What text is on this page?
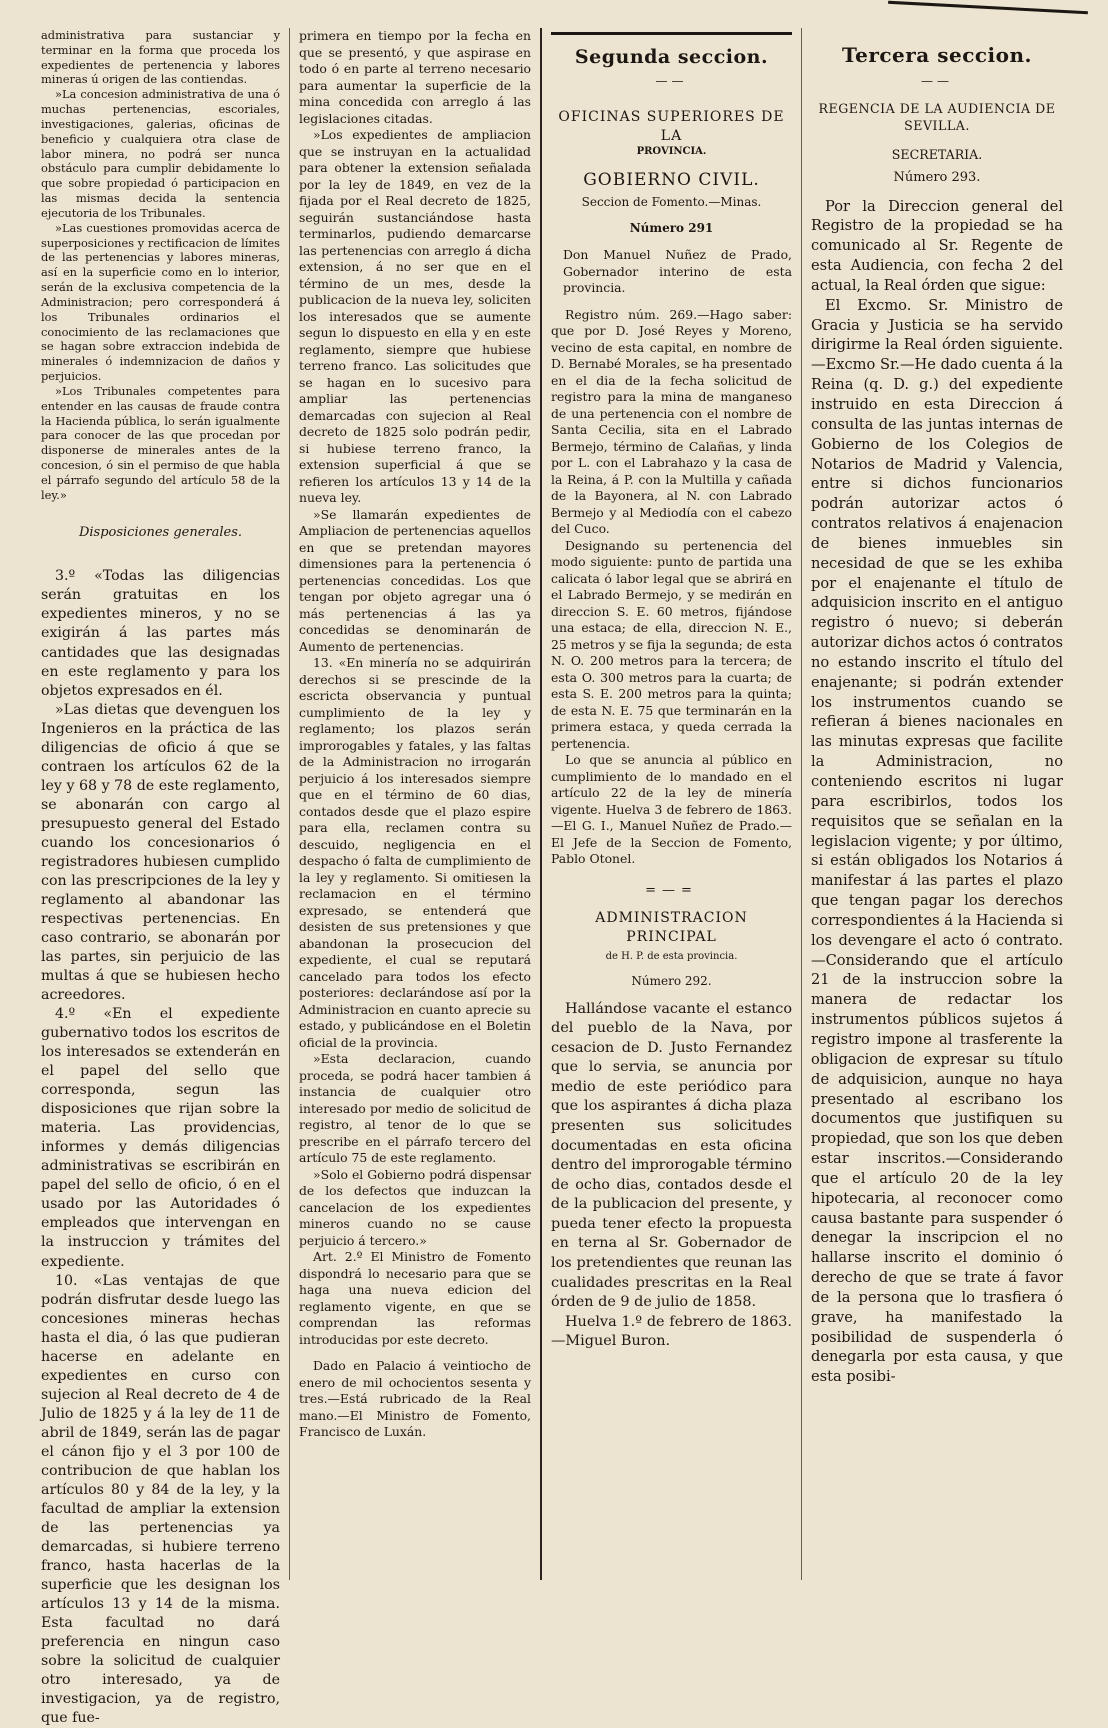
administrativa para sustanciar y terminar en la forma que proceda los expedientes de pertenencia y labores mineras ú origen de las contiendas.

»La concesion administrativa de una ó muchas pertenencias, escoriales, investigaciones, galerias, oficinas de beneficio y cualquiera otra clase de labor minera, no podrá ser nunca obstáculo para cumplir debidamente lo que sobre propiedad ó participacion en las mismas decida la sentencia ejecutoria de los Tribunales.

»Las cuestiones promovidas acerca de superposiciones y rectificacion de límites de las pertenencias y labores mineras, así en la superficie como en lo interior, serán de la exclusiva competencia de la Administracion; pero corresponderá á los Tribunales ordinarios el conocimiento de las reclamaciones que se hagan sobre extraccion indebida de minerales ó indemnizacion de daños y perjuicios.

»Los Tribunales competentes para entender en las causas de fraude contra la Hacienda pública, lo serán igualmente para conocer de las que procedan por disponerse de minerales antes de la concesion, ó sin el permiso de que habla el párrafo segundo del artículo 58 de la ley.»

Disposiciones generales.

3.º «Todas las diligencias serán gratuitas en los expedientes mineros, y no se exigirán á las partes más cantidades que las designadas en este reglamento y para los objetos expresados en él.

»Las dietas que devenguen los Ingenieros en la práctica de las diligencias de oficio á que se contraen los artículos 62 de la ley y 68 y 78 de este reglamento, se abonarán con cargo al presupuesto general del Estado cuando los concesionarios ó registradores hubiesen cumplido con las prescripciones de la ley y reglamento al abandonar las respectivas pertenencias. En caso contrario, se abonarán por las partes, sin perjuicio de las multas á que se hubiesen hecho acreedores.

4.º «En el expediente gubernativo todos los escritos de los interesados se extenderán en el papel del sello que corresponda, segun las disposiciones que rijan sobre la materia. Las providencias, informes y demás diligencias administrativas se escribirán en papel del sello de oficio, ó en el usado por las Autoridades ó empleados que intervengan en la instruccion y trámites del expediente.

10. «Las ventajas de que podrán disfrutar desde luego las concesiones mineras hechas hasta el dia, ó las que pudieran hacerse en adelante en expedientes en curso con sujecion al Real decreto de 4 de Julio de 1825 y á la ley de 11 de abril de 1849, serán las de pagar el cánon fijo y el 3 por 100 de contribucion de que hablan los artículos 80 y 84 de la ley, y la facultad de ampliar la extension de las pertenencias ya demarcadas, si hubiere terreno franco, hasta hacerlas de la superficie que les designan los artículos 13 y 14 de la misma. Esta facultad no dará preferencia en ningun caso sobre la solicitud de cualquier otro interesado, ya de investigacion, ya de registro, que fue-

primera en tiempo por la fecha en que se presentó, y que aspirase en todo ó en parte al terreno necesario para aumentar la superficie de la mina concedida con arreglo á las legislaciones citadas.

»Los expedientes de ampliacion que se instruyan en la actualidad para obtener la extension señalada por la ley de 1849, en vez de la fijada por el Real decreto de 1825, seguirán sustanciándose hasta terminarlos, pudiendo demarcarse las pertenencias con arreglo á dicha extension, á no ser que en el término de un mes, desde la publicacion de la nueva ley, soliciten los interesados que se aumente segun lo dispuesto en ella y en este reglamento, siempre que hubiese terreno franco. Las solicitudes que se hagan en lo sucesivo para ampliar las pertenencias demarcadas con sujecion al Real decreto de 1825 solo podrán pedir, si hubiese terreno franco, la extension superficial á que se refieren los artículos 13 y 14 de la nueva ley.

»Se llamarán expedientes de Ampliacion de pertenencias aquellos en que se pretendan mayores dimensiones para la pertenencia ó pertenencias concedidas. Los que tengan por objeto agregar una ó más pertenencias á las ya concedidas se denominarán de Aumento de pertenencias.

13. «En minería no se adquirirán derechos si se prescinde de la escricta observancia y puntual cumplimiento de la ley y reglamento; los plazos serán improrogables y fatales, y las faltas de la Administracion no irrogarán perjuicio á los interesados siempre que en el término de 60 dias, contados desde que el plazo espire para ella, reclamen contra su descuido, negligencia en el despacho ó falta de cumplimiento de la ley y reglamento. Si omitiesen la reclamacion en el término expresado, se entenderá que desisten de sus pretensiones y que abandonan la prosecucion del expediente, el cual se reputará cancelado para todos los efecto posteriores: declarándose así por la Administracion en cuanto aprecie su estado, y publicándose en el Boletin oficial de la provincia.

»Esta declaracion, cuando proceda, se podrá hacer tambien á instancia de cualquier otro interesado por medio de solicitud de registro, al tenor de lo que se prescribe en el párrafo tercero del artículo 75 de este reglamento.

»Solo el Gobierno podrá dispensar de los defectos que induzcan la cancelacion de los expedientes mineros cuando no se cause perjuicio á tercero.»

Art. 2.º El Ministro de Fomento dispondrá lo necesario para que se haga una nueva edicion del reglamento vigente, en que se comprendan las reformas introducidas por este decreto.

Dado en Palacio á veintiocho de enero de mil ochocientos sesenta y tres.—Está rubricado de la Real mano.—El Ministro de Fomento, Francisco de Luxán.

Segunda seccion.
——
OFICINAS SUPERIORES DE LA
PROVINCIA.
GOBIERNO CIVIL.
Seccion de Fomento.—Minas.
Número 291

Don Manuel Nuñez de Prado, Gobernador interino de esta provincia.

Registro núm. 269.—Hago saber: que por D. José Reyes y Moreno, vecino de esta capital, en nombre de D. Bernabé Morales, se ha presentado en el dia de la fecha solicitud de registro para la mina de manganeso de una pertenencia con el nombre de Santa Cecilia, sita en el Labrado Bermejo, término de Calañas, y linda por L. con el Labrahazo y la casa de la Reina, á P. con la Multilla y cañada de la Bayonera, al N. con Labrado Bermejo y al Mediodía con el cabezo del Cuco.

Designando su pertenencia del modo siguiente: punto de partida una calicata ó labor legal que se abrirá en el Labrado Bermejo, y se medirán en direccion S. E. 60 metros, fijándose una estaca; de ella, direccion N. E., 25 metros y se fija la segunda; de esta N. O. 200 metros para la tercera; de esta O. 300 metros para la cuarta; de esta S. E. 200 metros para la quinta; de esta N. E. 75 que terminarán en la primera estaca, y queda cerrada la pertenencia.

Lo que se anuncia al público en cumplimiento de lo mandado en el artículo 22 de la ley de minería vigente. Huelva 3 de febrero de 1863.—El G. I., Manuel Nuñez de Prado.—El Jefe de la Seccion de Fomento, Pablo Otonel.

=—=
ADMINISTRACION PRINCIPAL
de H. P. de esta provincia.
Número 292.

Hallándose vacante el estanco del pueblo de la Nava, por cesacion de D. Justo Fernandez que lo servia, se anuncia por medio de este periódico para que los aspirantes á dicha plaza presenten sus solicitudes documentadas en esta oficina dentro del improrogable término de ocho dias, contados desde el de la publicacion del presente, y pueda tener efecto la propuesta en terna al Sr. Gobernador de los pretendientes que reunan las cualidades prescritas en la Real órden de 9 de julio de 1858.

Huelva 1.º de febrero de 1863.—Miguel Buron.

Tercera seccion.
——
REGENCIA DE LA AUDIENCIA DE SEVILLA.
SECRETARIA.
Número 293.

Por la Direccion general del Registro de la propiedad se ha comunicado al Sr. Regente de esta Audiencia, con fecha 2 del actual, la Real órden que sigue:

El Excmo. Sr. Ministro de Gracia y Justicia se ha servido dirigirme la Real órden siguiente.—Excmo Sr.—He dado cuenta á la Reina (q. D. g.) del expediente instruido en esta Direccion á consulta de las juntas internas de Gobierno de los Colegios de Notarios de Madrid y Valencia, entre si dichos funcionarios podrán autorizar actos ó contratos relativos á enajenacion de bienes inmuebles sin necesidad de que se les exhiba por el enajenante el título de adquisicion inscrito en el antiguo registro ó nuevo; si deberán autorizar dichos actos ó contratos no estando inscrito el título del enajenante; si podrán extender los instrumentos cuando se refieran á bienes nacionales en las minutas expresas que facilite la Administracion, no conteniendo escritos ni lugar para escribirlos, todos los requisitos que se señalan en la legislacion vigente; y por último, si están obligados los Notarios á manifestar á las partes el plazo que tengan pagar los derechos correspondientes á la Hacienda si los devengare el acto ó contrato.—Considerando que el artículo 21 de la instruccion sobre la manera de redactar los instrumentos públicos sujetos á registro impone al trasferente la obligacion de expresar su título de adquisicion, aunque no haya presentado al escribano los documentos que justifiquen su propiedad, que son los que deben estar inscritos.—Considerando que el artículo 20 de la ley hipotecaria, al reconocer como causa bastante para suspender ó denegar la inscripcion el no hallarse inscrito el dominio ó derecho de que se trate á favor de la persona que lo trasfiera ó grave, ha manifestado la posibilidad de suspenderla ó denegarla por esta causa, y que esta posibi-
